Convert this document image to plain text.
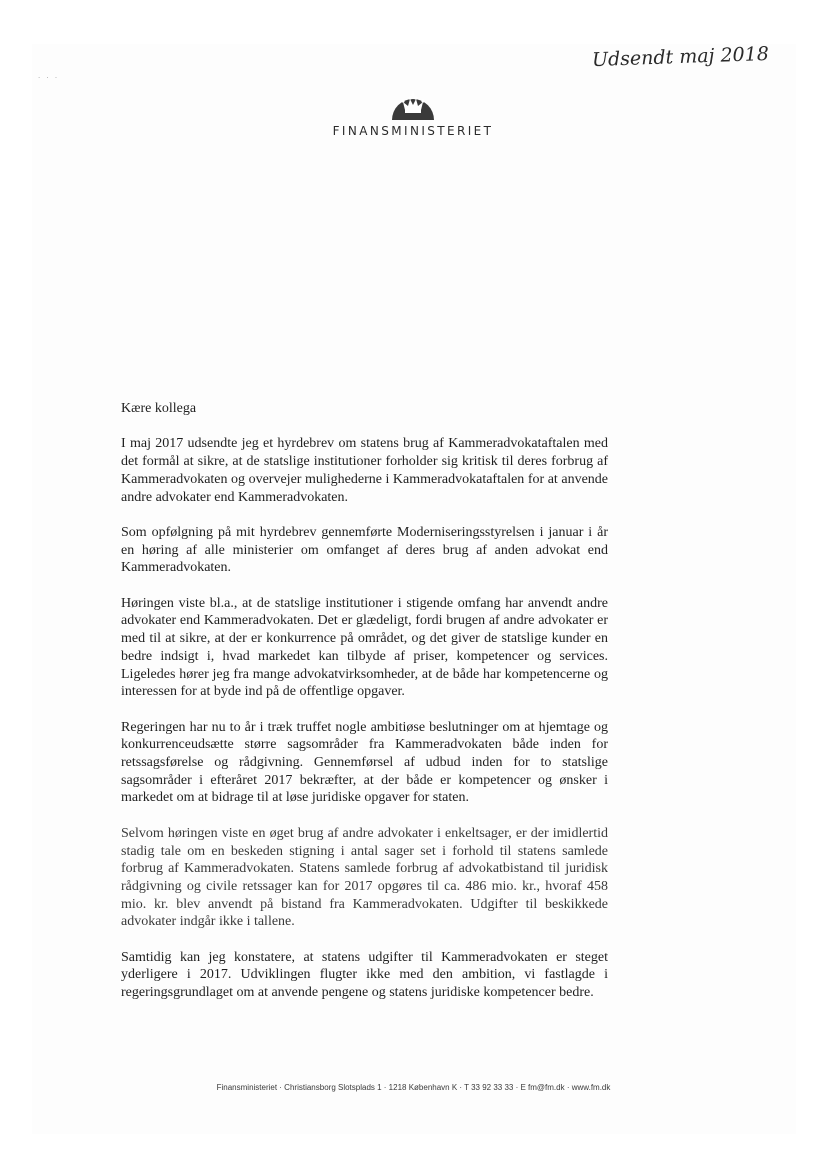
· · ·
Udsendt maj 2018
FINANSMINISTERIET

Kære kollega

I maj 2017 udsendte jeg et hyrdebrev om statens brug af Kammeradvokataftalen med det formål at sikre, at de statslige institutioner forholder sig kritisk til deres forbrug af Kammeradvokaten og overvejer mulighederne i Kammeradvokataftalen for at anvende andre advokater end Kammeradvokaten.

Som opfølgning på mit hyrdebrev gennemførte Moderniseringsstyrelsen i januar i år en høring af alle ministerier om omfanget af deres brug af anden advokat end Kammeradvokaten.

Høringen viste bl.a., at de statslige institutioner i stigende omfang har anvendt andre advokater end Kammeradvokaten. Det er glædeligt, fordi brugen af andre advokater er med til at sikre, at der er konkurrence på området, og det giver de statslige kunder en bedre indsigt i, hvad markedet kan tilbyde af priser, kompetencer og services. Ligeledes hører jeg fra mange advokatvirksomheder, at de både har kompetencerne og interessen for at byde ind på de offentlige opgaver.

Regeringen har nu to år i træk truffet nogle ambitiøse beslutninger om at hjemtage og konkurrenceudsætte større sagsområder fra Kammeradvokaten både inden for retssagsførelse og rådgivning. Gennemførsel af udbud inden for to statslige sagsområder i efteråret 2017 bekræfter, at der både er kompetencer og ønsker i markedet om at bidrage til at løse juridiske opgaver for staten.

Selvom høringen viste en øget brug af andre advokater i enkeltsager, er der imidlertid stadig tale om en beskeden stigning i antal sager set i forhold til statens samlede forbrug af Kammeradvokaten. Statens samlede forbrug af advokatbistand til juridisk rådgivning og civile retssager kan for 2017 opgøres til ca. 486 mio. kr., hvoraf 458 mio. kr. blev anvendt på bistand fra Kammeradvokaten. Udgifter til beskikkede advokater indgår ikke i tallene.

Samtidig kan jeg konstatere, at statens udgifter til Kammeradvokaten er steget yderligere i 2017. Udviklingen flugter ikke med den ambition, vi fastlagde i regeringsgrundlaget om at anvende pengene og statens juridiske kompetencer bedre.

Finansministeriet · Christiansborg Slotsplads 1 · 1218 København K · T 33 92 33 33 · E fm@fm.dk · www.fm.dk
